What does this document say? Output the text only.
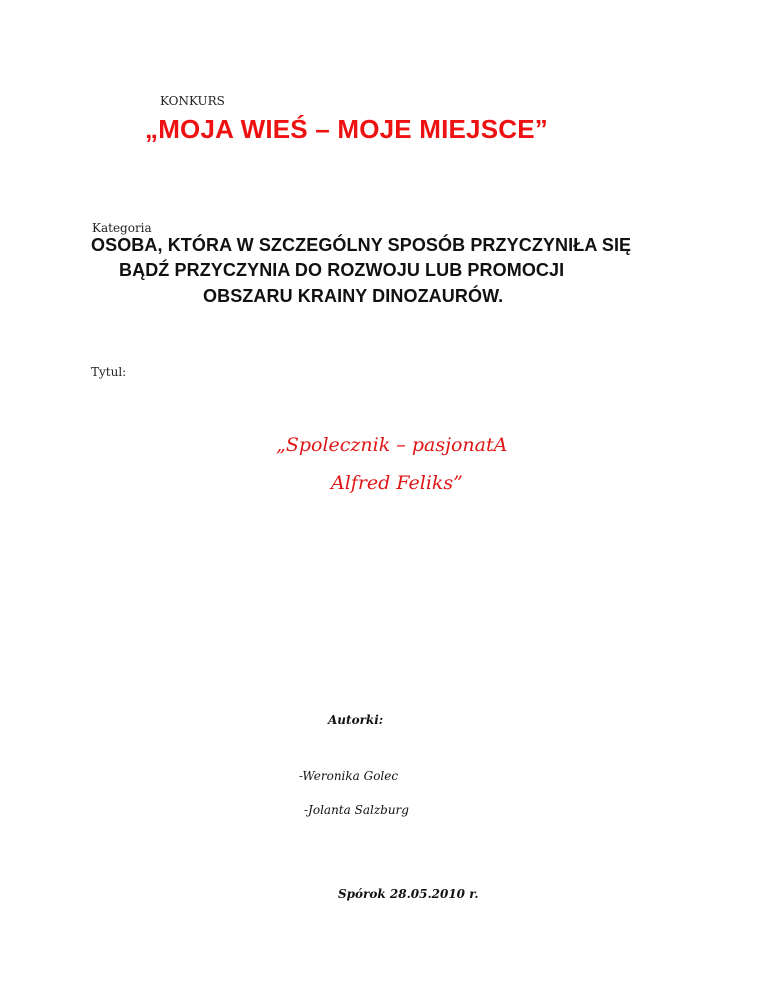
KONKURS
„MOJA WIEŚ – MOJE MIEJSCE”
Kategoria
OSOBA, KTÓRA W SZCZEGÓLNY SPOSÓB PRZYCZYNIŁA SIĘ
BĄDŹ PRZYCZYNIA DO ROZWOJU LUB PROMOCJI
OBSZARU KRAINY DINOZAURÓW.
Tytul:
„Spolecznik – pasjonatA
Alfred Feliks”
Autorki:
-Weronika Golec
-Jolanta Salzburg
Spórok 28.05.2010 r.
